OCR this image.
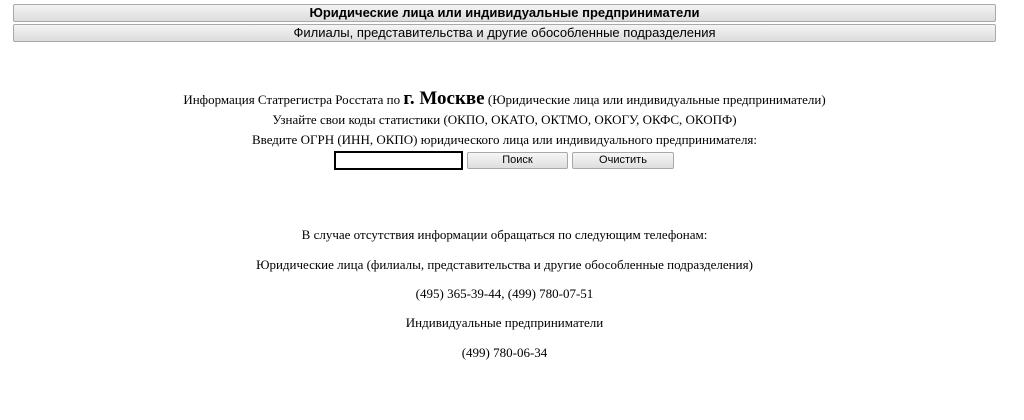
Юридические лица или индивидуальные предприниматели
Филиалы, представительства и другие обособленные подразделения
Информация Статрегистра Росстата по г. Москве (Юридические лица или индивидуальные предприниматели)
Узнайте свои коды статистики (ОКПО, ОКАТО, ОКТМО, ОКОГУ, ОКФС, ОКОПФ)
Введите ОГРН (ИНН, ОКПО) юридического лица или индивидуального предпринимателя:
Поиск	Очистить
В случае отсутствия информации обращаться по следующим телефонам:
Юридические лица (филиалы, представительства и другие обособленные подразделения)
(495) 365-39-44, (499) 780-07-51
Индивидуальные предприниматели
(499) 780-06-34
